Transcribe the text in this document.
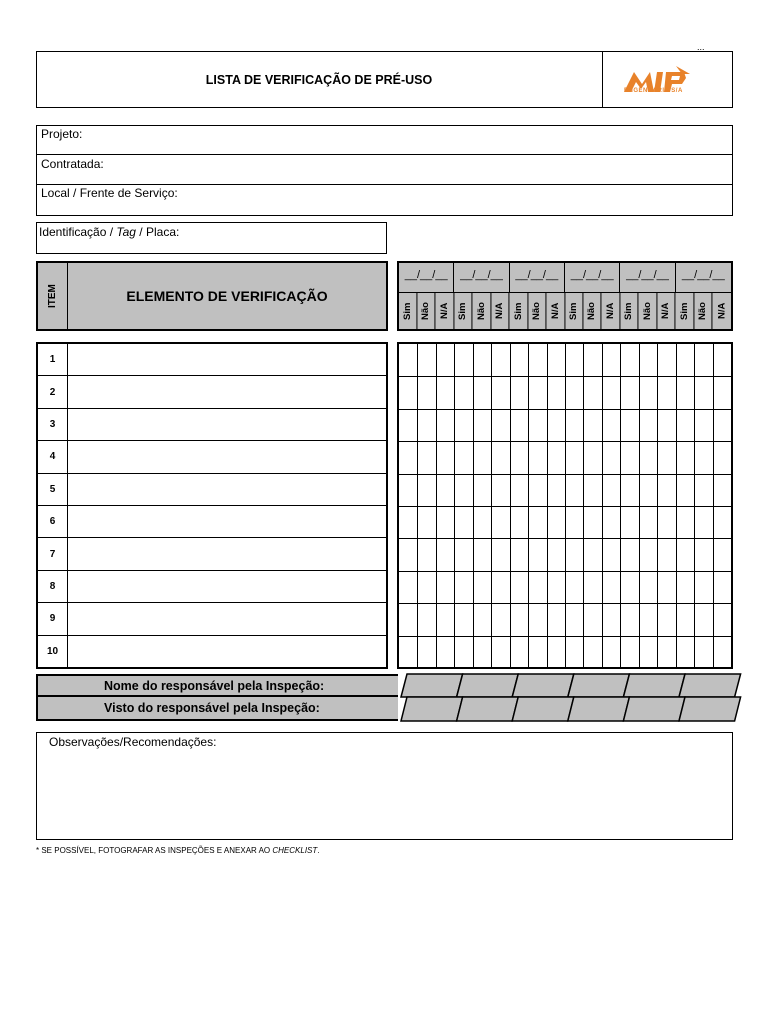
LISTA DE VERIFICAÇÃO DE PRÉ-USO
...
ENGENHARIA S/A
Projeto:
Contratada:
Local / Frente de Serviço:
Identificação / Tag / Placa:
ITEM	ELEMENTO DE VERIFICAÇÃO
__/__/__
Sim Não N/A
__/__/__
Sim Não N/A
__/__/__
Sim Não N/A
__/__/__
Sim Não N/A
__/__/__
Sim Não N/A
__/__/__
Sim Não N/A
1
2
3
4
5
6
7
8
9
10
Nome do responsável pela Inspeção:
Visto do responsável pela Inspeção:
Observações/Recomendações:
* SE POSSÍVEL, FOTOGRAFAR AS INSPEÇÕES E ANEXAR AO CHECKLIST.
